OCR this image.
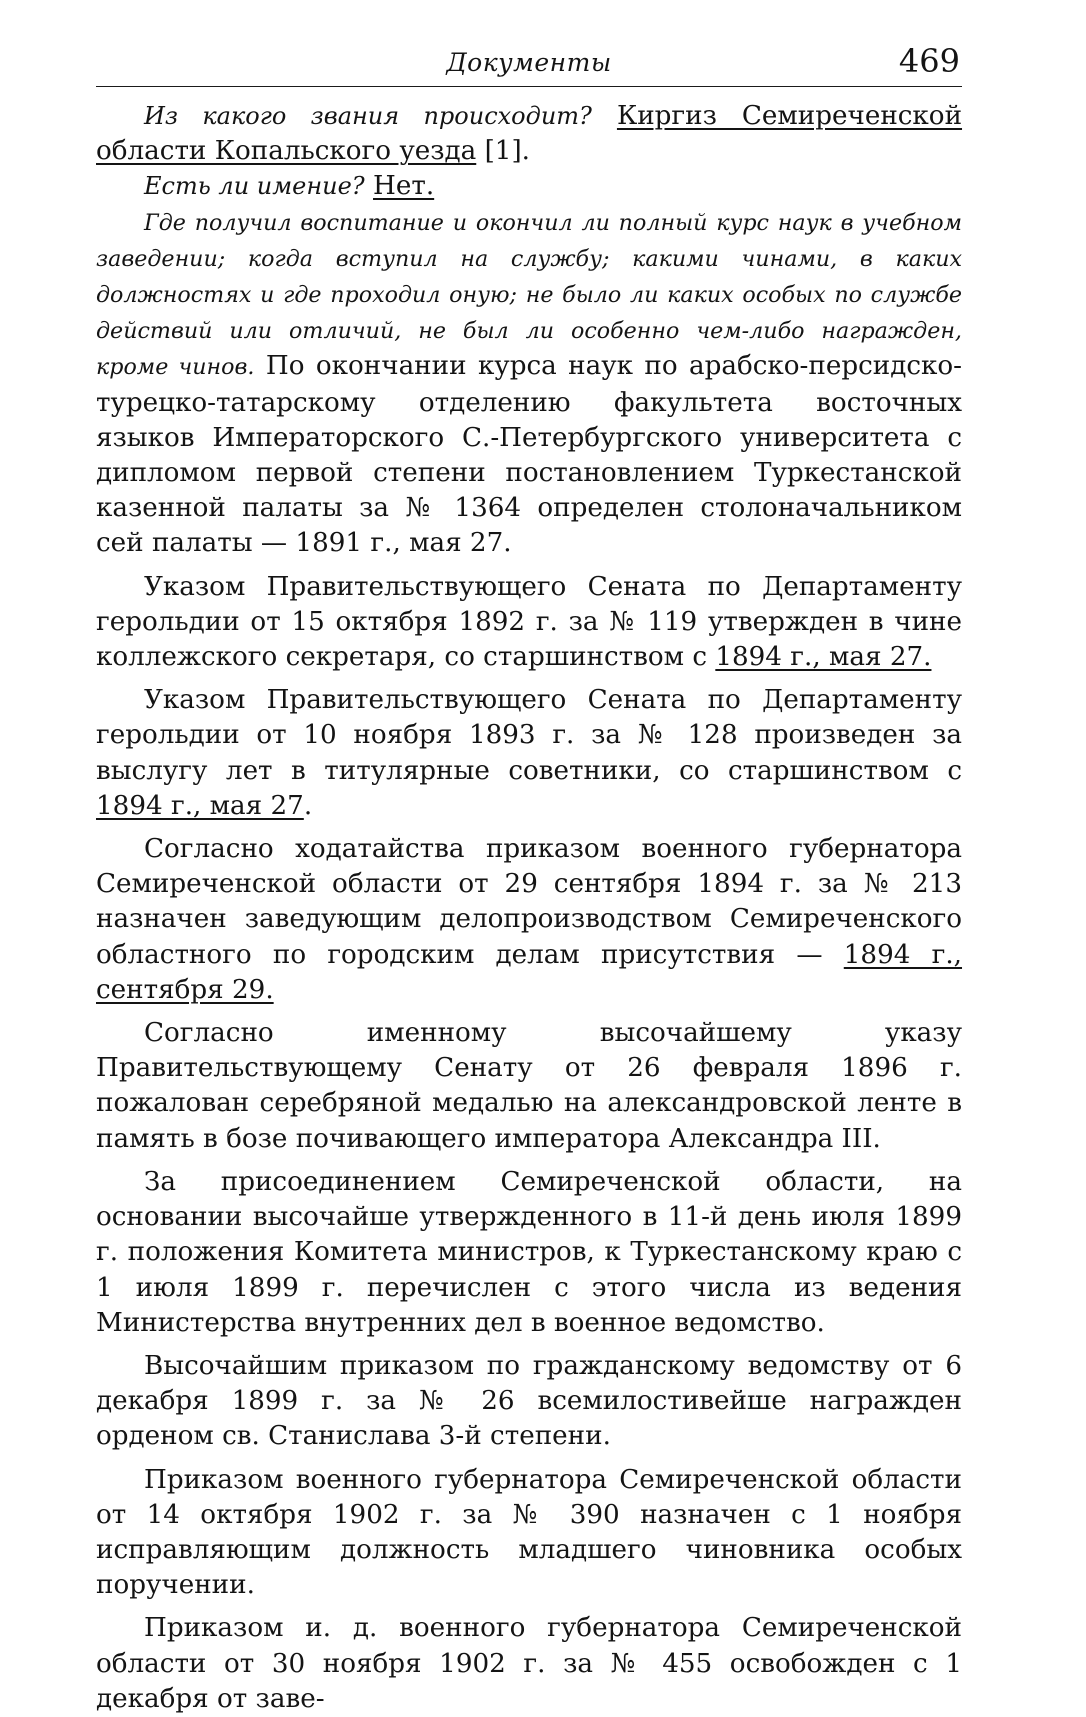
Документы	469

Из какого звания происходит? Киргиз Семиреченской области Копальского уезда [1].

Есть ли имение? Нет.

Где получил воспитание и окончил ли полный курс наук в учебном заведении; когда вступил на службу; какими чинами, в каких должностях и где проходил оную; не было ли каких особых по службе действий или отличий, не был ли особенно чем-либо награжден, кроме чинов. По окончании курса наук по арабско-персидско-турецко-татарскому отделению факультета восточных языков Императорского С.-Петербургского университета с дипломом первой степени постановлением Туркестанской казенной палаты за № 1364 определен столоначальником сей палаты — 1891 г., мая 27.

Указом Правительствующего Сената по Департаменту герольдии от 15 октября 1892 г. за № 119 утвержден в чине коллежского секретаря, со старшинством с 1894 г., мая 27.

Указом Правительствующего Сената по Департаменту герольдии от 10 ноября 1893 г. за № 128 произведен за выслугу лет в титулярные советники, со старшинством с 1894 г., мая 27.

Согласно ходатайства приказом военного губернатора Семиреченской области от 29 сентября 1894 г. за № 213 назначен заведующим делопроизводством Семиреченского областного по городским делам присутствия — 1894 г., сентября 29.

Согласно именному высочайшему указу Правительствующему Сенату от 26 февраля 1896 г. пожалован серебряной медалью на александровской ленте в память в бозе почивающего императора Александра III.

За присоединением Семиреченской области, на основании высочайше утвержденного в 11-й день июля 1899 г. положения Комитета министров, к Туркестанскому краю с 1 июля 1899 г. перечислен с этого числа из ведения Министерства внутренних дел в военное ведомство.

Высочайшим приказом по гражданскому ведомству от 6 декабря 1899 г. за № 26 всемилостивейше награжден орденом св. Станислава 3-й степени.

Приказом военного губернатора Семиреченской области от 14 октября 1902 г. за № 390 назначен с 1 ноября исправляющим должность младшего чиновника особых поручении.

Приказом и. д. военного губернатора Семиреченской области от 30 ноября 1902 г. за № 455 освобожден с 1 декабря от заве-
